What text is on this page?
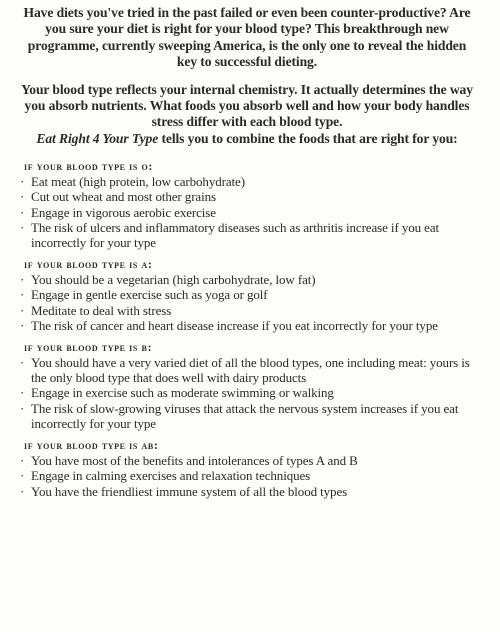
Have diets you've tried in the past failed or even been counter-productive? Are you sure your diet is right for your blood type? This breakthrough new programme, currently sweeping America, is the only one to reveal the hidden key to successful dieting.

Your blood type reflects your internal chemistry. It actually determines the way you absorb nutrients. What foods you absorb well and how your body handles stress differ with each blood type.
Eat Right 4 Your Type tells you to combine the foods that are right for you:

if your blood type is o:
· Eat meat (high protein, low carbohydrate)
· Cut out wheat and most other grains
· Engage in vigorous aerobic exercise
· The risk of ulcers and inflammatory diseases such as arthritis increase if you eat incorrectly for your type
if your blood type is a:
· You should be a vegetarian (high carbohydrate, low fat)
· Engage in gentle exercise such as yoga or golf
· Meditate to deal with stress
· The risk of cancer and heart disease increase if you eat incorrectly for your type
if your blood type is b:
· You should have a very varied diet of all the blood types, one including meat: yours is the only blood type that does well with dairy products
· Engage in exercise such as moderate swimming or walking
· The risk of slow-growing viruses that attack the nervous system increases if you eat incorrectly for your type
if your blood type is ab:
· You have most of the benefits and intolerances of types A and B
· Engage in calming exercises and relaxation techniques
· You have the friendliest immune system of all the blood types
